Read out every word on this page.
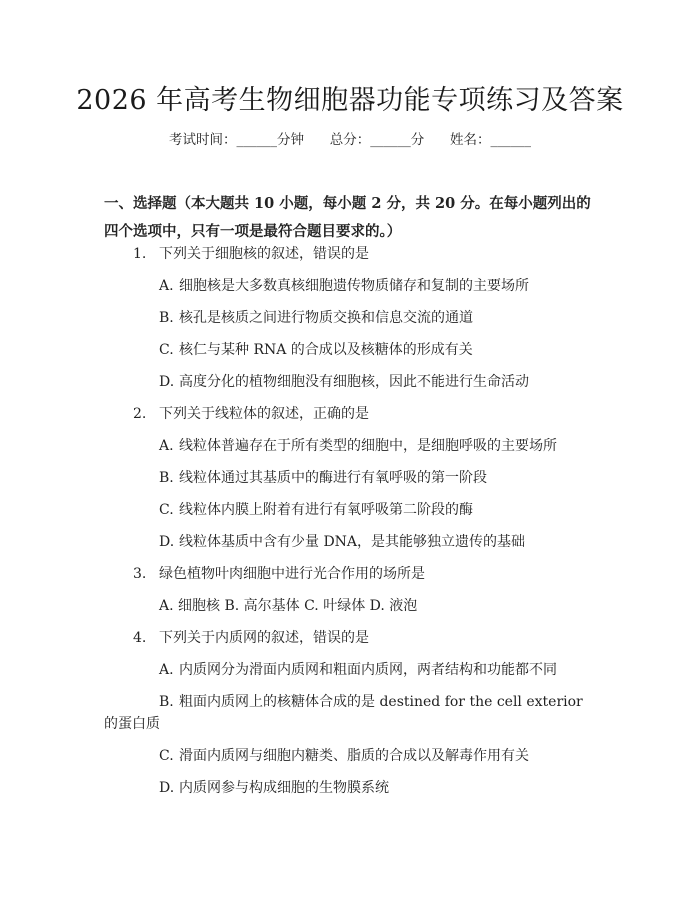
2026 年高考生物细胞器功能专项练习及答案
考试时间：______分钟 总分：______分 姓名：______
一、选择题（本大题共 10 小题，每小题 2 分，共 20 分。在每小题列出的四个选项中，只有一项是最符合题目要求的。）
1. 下列关于细胞核的叙述，错误的是
A. 细胞核是大多数真核细胞遗传物质储存和复制的主要场所
B. 核孔是核质之间进行物质交换和信息交流的通道
C. 核仁与某种 RNA 的合成以及核糖体的形成有关
D. 高度分化的植物细胞没有细胞核，因此不能进行生命活动
2. 下列关于线粒体的叙述，正确的是
A. 线粒体普遍存在于所有类型的细胞中，是细胞呼吸的主要场所
B. 线粒体通过其基质中的酶进行有氧呼吸的第一阶段
C. 线粒体内膜上附着有进行有氧呼吸第二阶段的酶
D. 线粒体基质中含有少量 DNA，是其能够独立遗传的基础
3. 绿色植物叶肉细胞中进行光合作用的场所是
A. 细胞核 B. 高尔基体 C. 叶绿体 D. 液泡
4. 下列关于内质网的叙述，错误的是
A. 内质网分为滑面内质网和粗面内质网，两者结构和功能都不同
B. 粗面内质网上的核糖体合成的是 destined for the cell exterior
的蛋白质
C. 滑面内质网与细胞内糖类、脂质的合成以及解毒作用有关
D. 内质网参与构成细胞的生物膜系统
